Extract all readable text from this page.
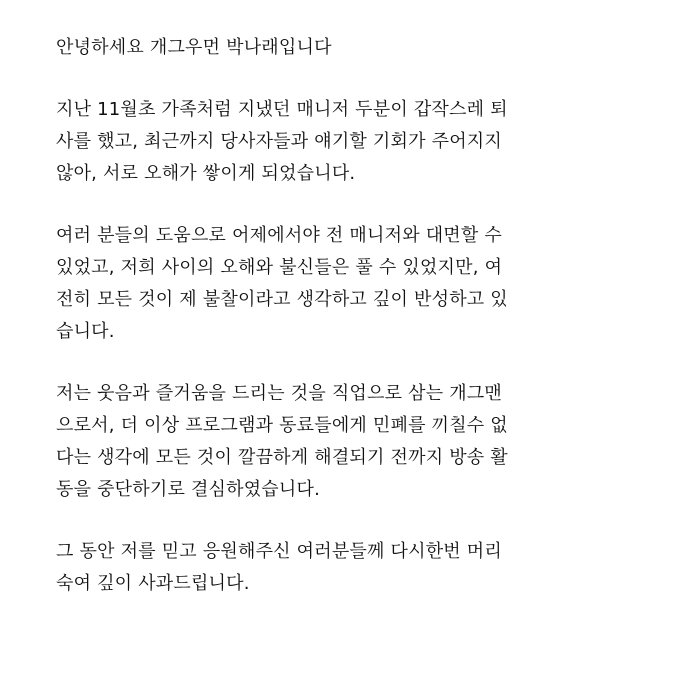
안녕하세요 개그우먼 박나래입니다
지난 11월초 가족처럼 지냈던 매니저 두분이 갑작스레 퇴
사를 했고, 최근까지 당사자들과 얘기할 기회가 주어지지
않아, 서로 오해가 쌓이게 되었습니다.
여러 분들의 도움으로 어제에서야 전 매니저와 대면할 수
있었고, 저희 사이의 오해와 불신들은 풀 수 있었지만, 여
전히 모든 것이 제 불찰이라고 생각하고 깊이 반성하고 있
습니다.
저는 웃음과 즐거움을 드리는 것을 직업으로 삼는 개그맨
으로서, 더 이상 프로그램과 동료들에게 민폐를 끼칠수 없
다는 생각에 모든 것이 깔끔하게 해결되기 전까지 방송 활
동을 중단하기로 결심하였습니다.
그 동안 저를 믿고 응원해주신 여러분들께 다시한번 머리
숙여 깊이 사과드립니다.
